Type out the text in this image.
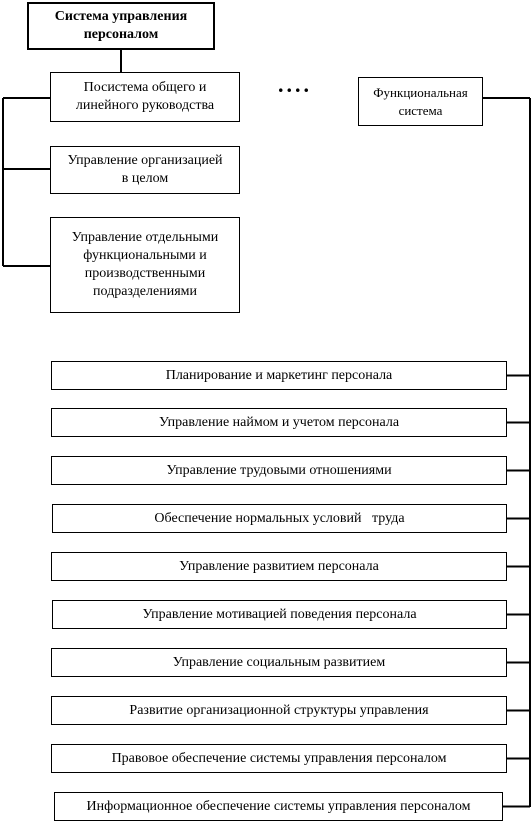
Система управления
персоналом
Посистема общего и
линейного руководства
Управление организацией
в целом
Управление отдельными
функциональными и
производственными
подразделениями
....	Функциональная
система
Планирование и маркетинг персонала
Управление наймом и учетом персонала
Управление трудовыми отношениями
Обеспечение нормальных условий   труда
Управление развитием персонала
Управление мотивацией поведения персонала
Управление социальным развитием
Развитие организационной структуры управления
Правовое обеспечение системы управления персоналом
Информационное обеспечение системы управления персоналом
